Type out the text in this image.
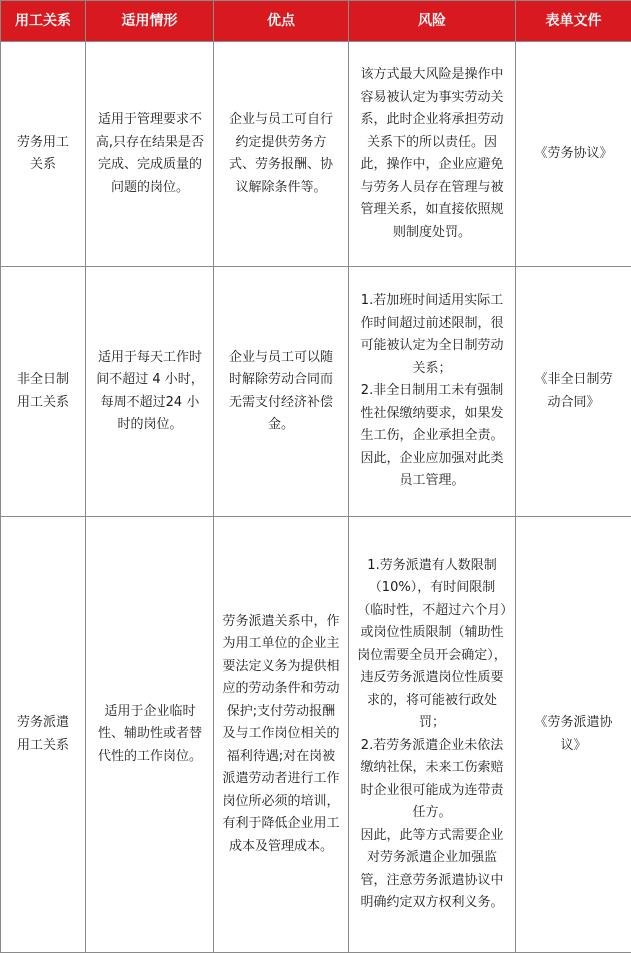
用工关系	适用情形	优点	风险	表单文件
劳务用工关系	适用于管理要求不高,只存在结果是否完成、完成质量的问题的岗位。	企业与员工可自行约定提供劳务方式、劳务报酬、协议解除条件等。	该方式最大风险是操作中容易被认定为事实劳动关系，此时企业将承担劳动关系下的所以责任。因此，操作中，企业应避免与劳务人员存在管理与被管理关系，如直接依照规则制度处罚。	《劳务协议》
非全日制用工关系	适用于每天工作时间不超过 4 小时，每周不超过24 小时的岗位。	企业与员工可以随时解除劳动合同而无需支付经济补偿金。	1.若加班时间适用实际工作时间超过前述限制，很可能被认定为全日制劳动关系；

2.非全日制用工未有强制性社保缴纳要求，如果发生工伤，企业承担全责。

因此，企业应加强对此类员工管理。	《非全日制劳动合同》
劳务派遣用工关系	适用于企业临时性、辅助性或者替代性的工作岗位。	劳务派遣关系中，作为用工单位的企业主要法定义务为提供相应的劳动条件和劳动保护;支付劳动报酬及与工作岗位相关的福利待遇;对在岗被派遣劳动者进行工作岗位所必须的培训，有利于降低企业用工成本及管理成本。	1.劳务派遣有人数限制（10%），有时间限制（临时性，不超过六个月）或岗位性质限制（辅助性岗位需要全员开会确定），违反劳务派遣岗位性质要求的，将可能被行政处罚；

2.若劳务派遣企业未依法缴纳社保，未来工伤索赔时企业很可能成为连带责任方。

因此，此等方式需要企业对劳务派遣企业加强监管，注意劳务派遣协议中明确约定双方权利义务。	《劳务派遣协议》
